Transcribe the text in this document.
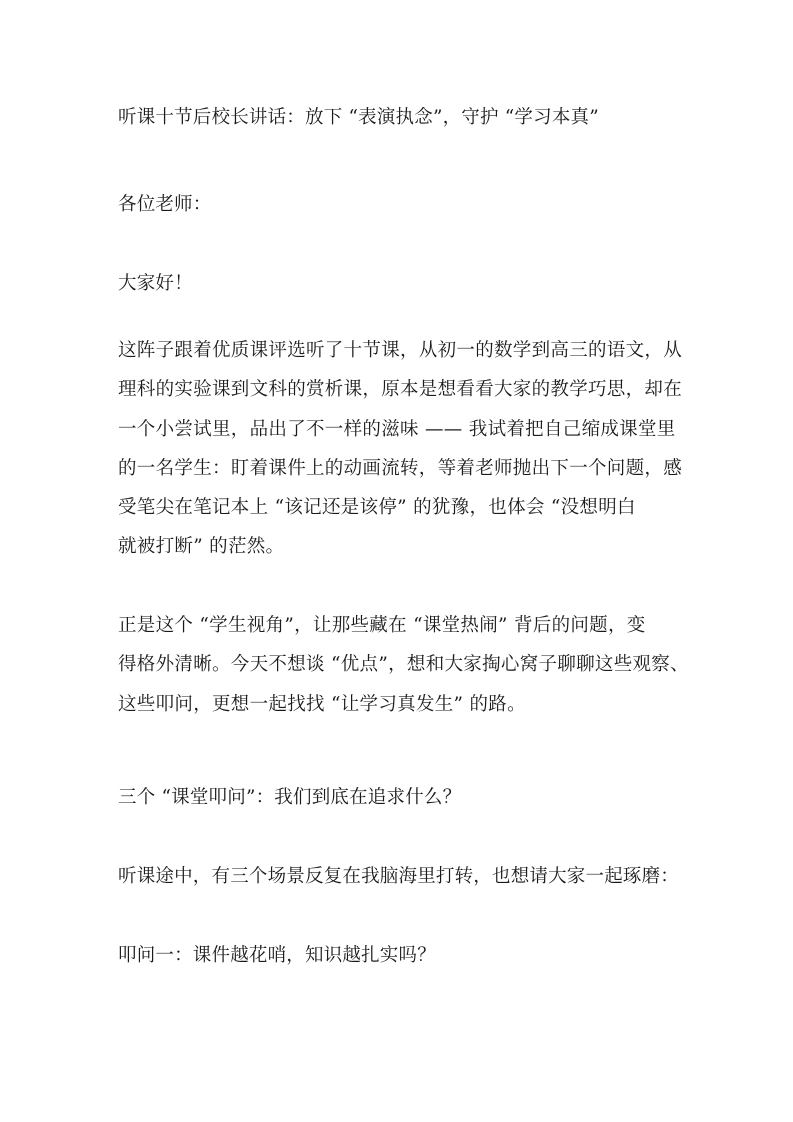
听课十节后校长讲话：放下 “表演执念”，守护 “学习本真”
各位老师：
大家好！
这阵子跟着优质课评选听了十节课，从初一的数学到高三的语文，从
理科的实验课到文科的赏析课，原本是想看看大家的教学巧思，却在
一个小尝试里，品出了不一样的滋味 —— 我试着把自己缩成课堂里
的一名学生：盯着课件上的动画流转，等着老师抛出下一个问题，感
受笔尖在笔记本上 “该记还是该停” 的犹豫，也体会 “没想明白
就被打断” 的茫然。
正是这个 “学生视角”，让那些藏在 “课堂热闹” 背后的问题，变
得格外清晰。今天不想谈 “优点”，想和大家掏心窝子聊聊这些观察、
这些叩问，更想一起找找 “让学习真发生” 的路。
三个 “课堂叩问”：我们到底在追求什么？
听课途中，有三个场景反复在我脑海里打转，也想请大家一起琢磨：
叩问一：课件越花哨，知识越扎实吗？
